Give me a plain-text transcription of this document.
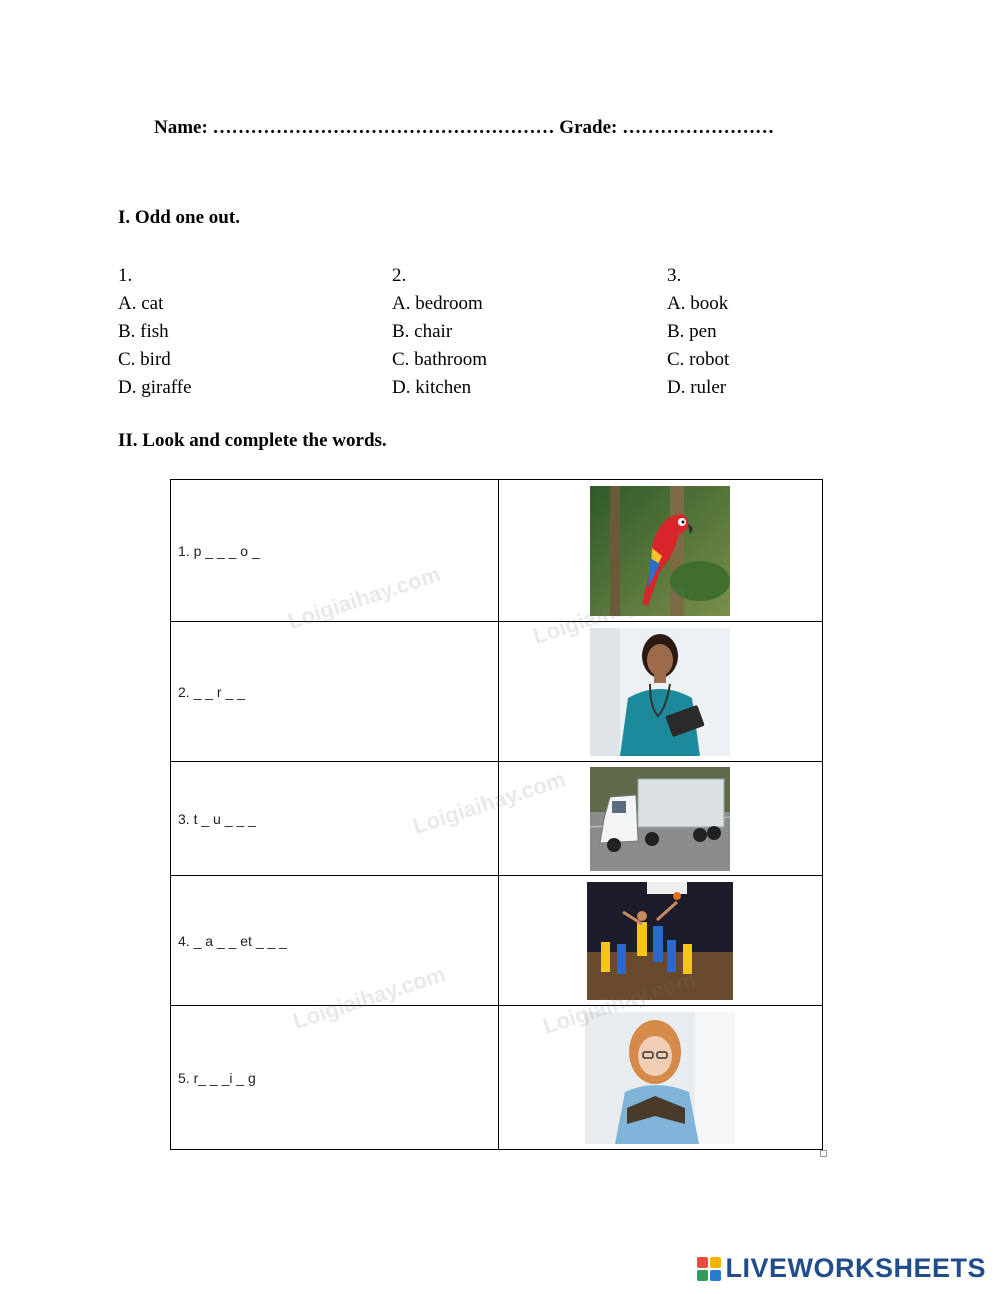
Name: ……………………………………………… Grade: ……………………
I. Odd one out.
1.
A. cat
B. fish
C. bird
D. giraffe
2.
A. bedroom
B. chair
C. bathroom
D. kitchen
3.
A. book
B. pen
C. robot
D. ruler
II. Look and complete the words.
1. p _ _ _ o _	
2. _ _ r _ _	
3. t _ u _ _ _	
4. _ a _ _ et _ _ _	
5. r_ _ _i _ g	
Loigiaihay.com
Loigiaihay.com
Loigiaihay.com	Loigiaihay.com
LIVEWORKSHEETS
